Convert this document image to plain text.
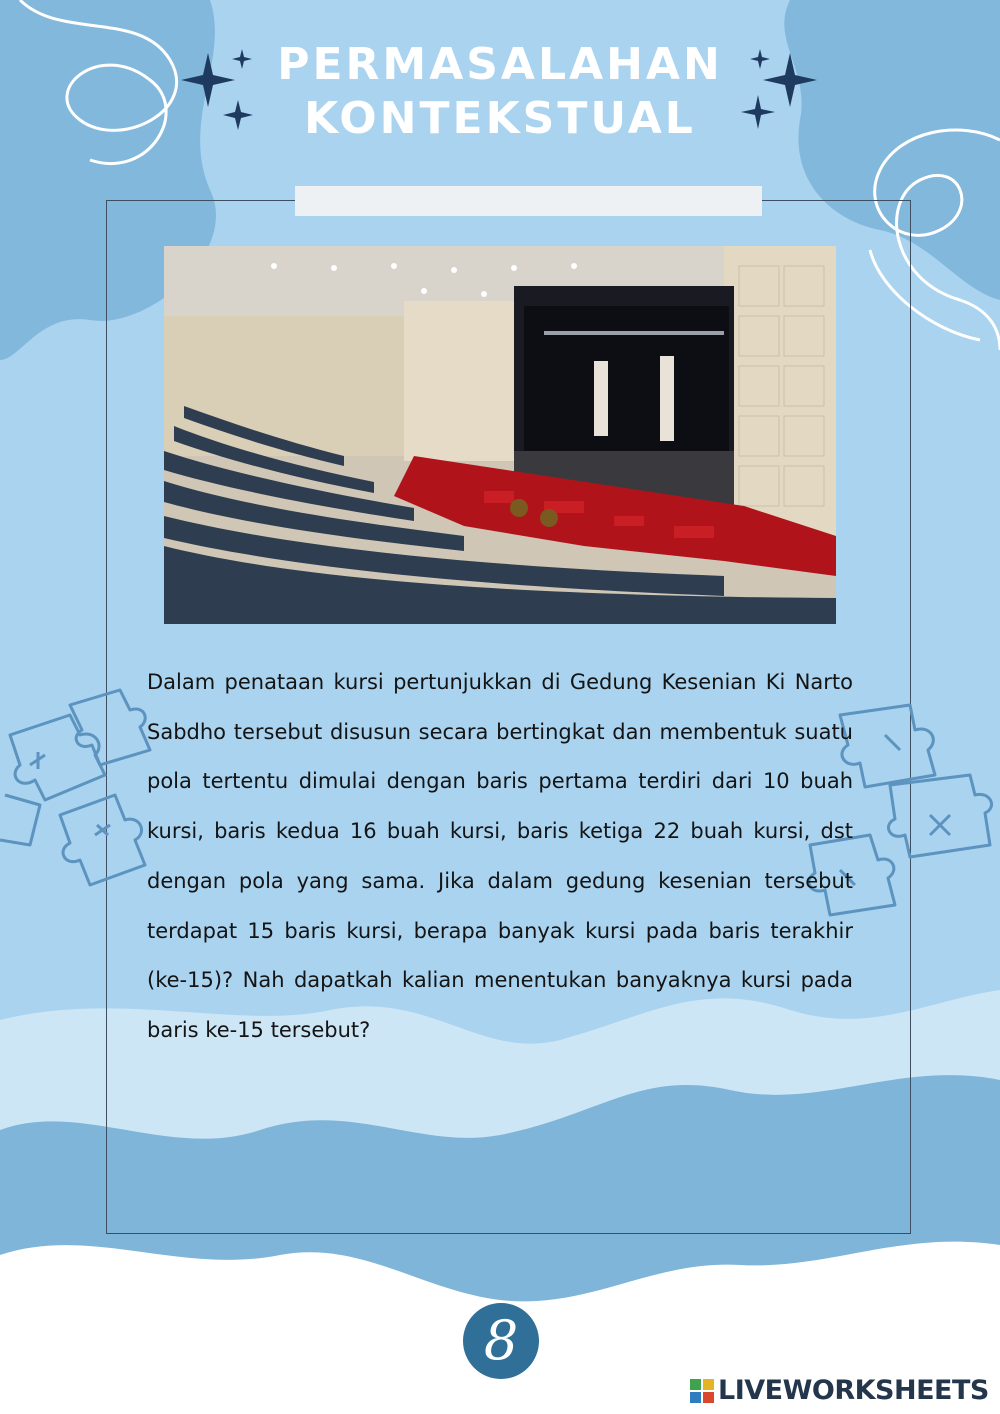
PERMASALAHAN
KONTEKSTUAL

Dalam penataan kursi pertunjukkan di Gedung Kesenian Ki Narto Sabdho tersebut disusun secara bertingkat dan membentuk suatu pola tertentu dimulai dengan baris pertama terdiri dari 10 buah kursi, baris kedua 16 buah kursi, baris ketiga 22 buah kursi, dst dengan pola yang sama. Jika dalam gedung kesenian tersebut terdapat 15 baris kursi, berapa banyak kursi pada baris terakhir (ke-15)? Nah dapatkah kalian menentukan banyaknya kursi pada baris ke-15 tersebut?

8
LIVEWORKSHEETS
